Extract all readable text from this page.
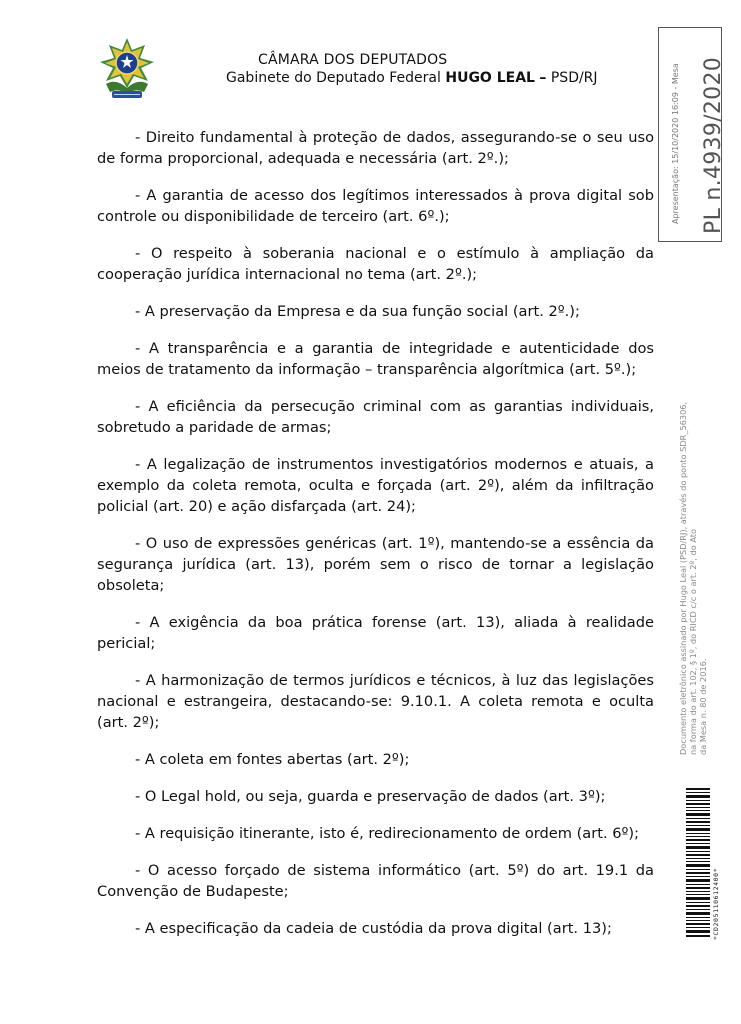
CÂMARA DOS DEPUTADOS
Gabinete do Deputado Federal HUGO LEAL – PSD/RJ

- Direito fundamental à proteção de dados, assegurando-se o seu uso de forma proporcional, adequada e necessária (art. 2º.);

- A garantia de acesso dos legítimos interessados à prova digital sob controle ou disponibilidade de terceiro (art. 6º.);

- O respeito à soberania nacional e o estímulo à ampliação da cooperação jurídica internacional no tema (art. 2º.);

- A preservação da Empresa e da sua função social (art. 2º.);

- A transparência e a garantia de integridade e autenticidade dos meios de tratamento da informação – transparência algorítmica (art. 5º.);

- A eficiência da persecução criminal com as garantias individuais, sobretudo a paridade de armas;

- A legalização de instrumentos investigatórios modernos e atuais, a exemplo da coleta remota, oculta e forçada (art. 2º), além da infiltração policial (art. 20) e ação disfarçada (art. 24);

- O uso de expressões genéricas (art. 1º), mantendo-se a essência da segurança jurídica (art. 13), porém sem o risco de tornar a legislação obsoleta;

- A exigência da boa prática forense (art. 13), aliada à realidade pericial;

- A harmonização de termos jurídicos e técnicos, à luz das legislações nacional e estrangeira, destacando-se: 9.10.1. A coleta remota e oculta (art. 2º);

- A coleta em fontes abertas (art. 2º);

- O Legal hold, ou seja, guarda e preservação de dados (art. 3º);

- A requisição itinerante, isto é, redirecionamento de ordem (art. 6º);

- O acesso forçado de sistema informático (art. 5º) do art. 19.1 da Convenção de Budapeste;

- A especificação da cadeia de custódia da prova digital (art. 13);

PL n.4939/2020
Apresentação: 15/10/2020 16:09 - Mesa
Documento eletrônico assinado por Hugo Leal (PSD/RJ), através do ponto SDR_56306, na forma do art. 102, § 1º, do RICD c/c o art. 2º, do Ato da Mesa n. 80 de 2016.
*CD205110612400*
